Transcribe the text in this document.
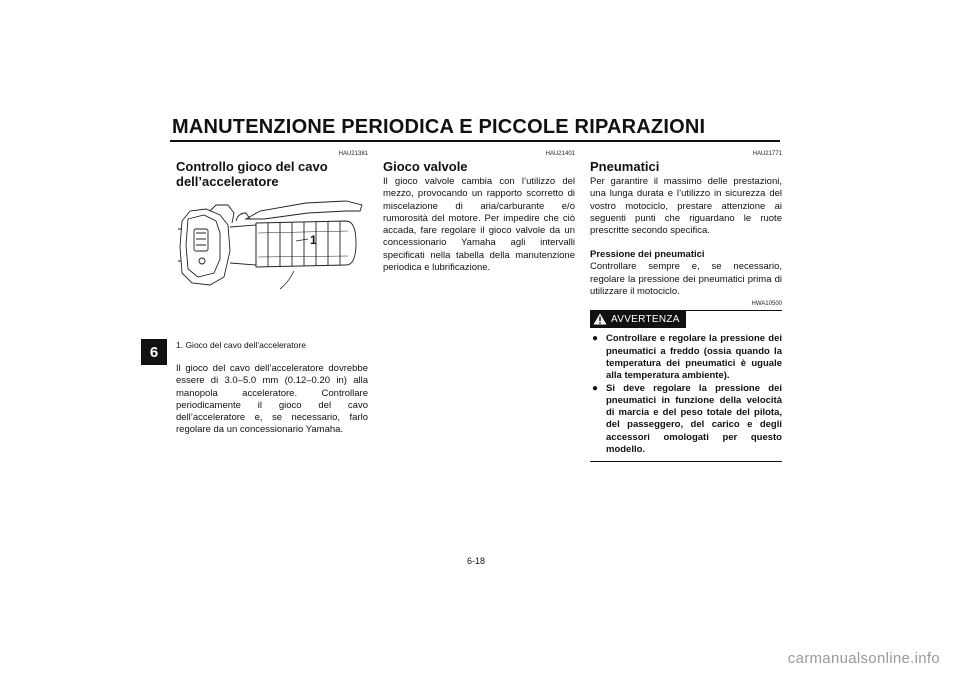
MANUTENZIONE PERIODICA E PICCOLE RIPARAZIONI
6
HAU21381
Controllo gioco del cavo dell’acceleratore
1
1. Gioco del cavo dell’acceleratore
Il gioco del cavo dell’acceleratore dovrebbe essere di 3.0–5.0 mm (0.12–0.20 in) alla manopola acceleratore. Controllare periodicamente il gioco del cavo dell’acceleratore e, se necessario, farlo regolare da un concessionario Yamaha.
HAU21401
Gioco valvole
Il gioco valvole cambia con l’utilizzo del mezzo, provocando un rapporto scorretto di miscelazione di aria/carburante e/o rumorosità del motore. Per impedire che ciò accada, fare regolare il gioco valvole da un concessionario Yamaha agli intervalli specificati nella tabella della manutenzione periodica e lubrificazione.
HAU21771
Pneumatici
Per garantire il massimo delle prestazioni, una lunga durata e l’utilizzo in sicurezza del vostro motociclo, prestare attenzione ai seguenti punti che riguardano le ruote prescritte secondo specifica.
Pressione dei pneumatici
Controllare sempre e, se necessario, regolare la pressione dei pneumatici prima di utilizzare il motociclo.
HWA10500
AVVERTENZA
● Controllare e regolare la pressione dei pneumatici a freddo (ossia quando la temperatura dei pneumatici è uguale alla temperatura ambiente).
● Si deve regolare la pressione dei pneumatici in funzione della velocità di marcia e del peso totale del pilota, del passeggero, del carico e degli accessori omologati per questo modello.
6-18
carmanualsonline.info
